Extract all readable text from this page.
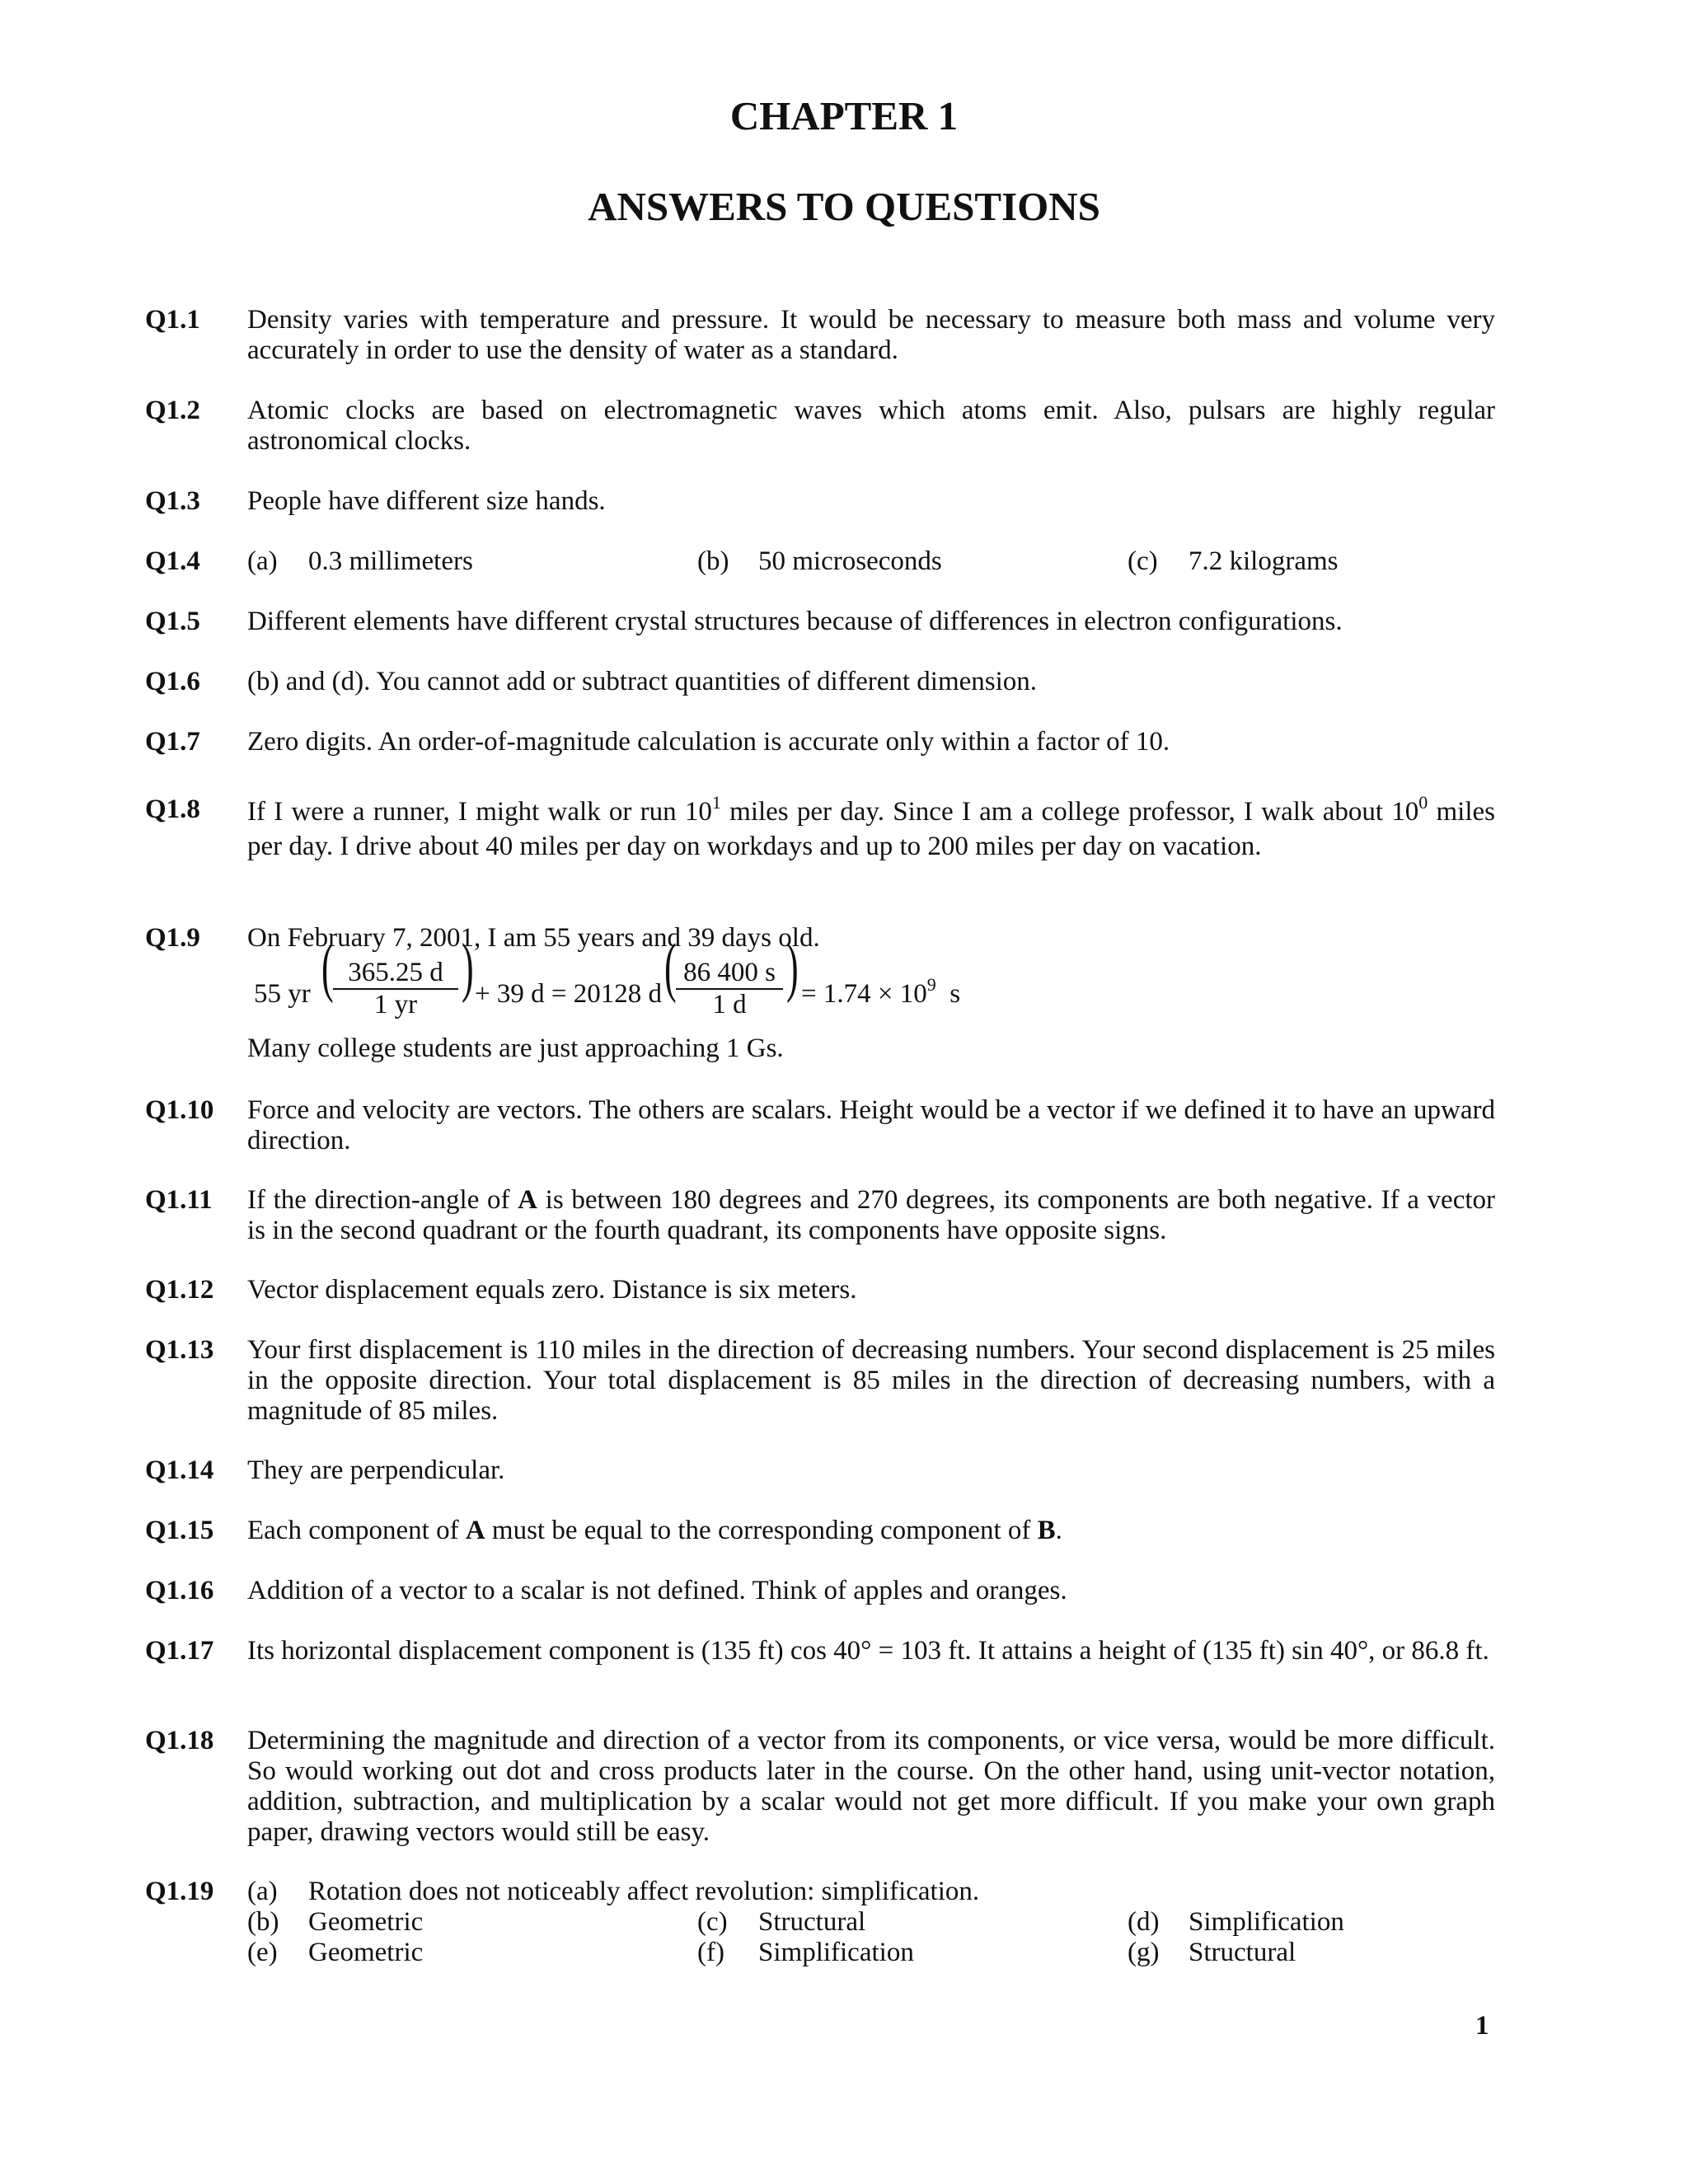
CHAPTER 1
ANSWERS TO QUESTIONS
Q1.1 Density varies with temperature and pressure. It would be necessary to measure both mass and volume very accurately in order to use the density of water as a standard.
Q1.2 Atomic clocks are based on electromagnetic waves which atoms emit. Also, pulsars are highly regular astronomical clocks.
Q1.3 People have different size hands.
Q1.4 (a) 0.3 millimeters	(b) 50 microseconds	(c) 7.2 kilograms
Q1.5 Different elements have different crystal structures because of differences in electron configurations.
Q1.6 (b) and (d). You cannot add or subtract quantities of different dimension.
Q1.7 Zero digits. An order-of-magnitude calculation is accurate only within a factor of 10.
Q1.8 If I were a runner, I might walk or run $10^1$ miles per day. Since I am a college professor, I walk about $10^0$ miles per day. I drive about 40 miles per day on workdays and up to 200 miles per day on vacation.
Q1.9 On February 7, 2001, I am 55 years and 39 days old.
55 yr ( $\frac{365.25 d}{1 yr}$ ) + 39 d = 20128 d ( $\frac{86 400 s}{1 d}$ ) = $1.74 \times 10^9$ s
Many college students are just approaching 1 Gs.
Q1.10 Force and velocity are vectors. The others are scalars. Height would be a vector if we defined it to have an upward direction.
Q1.11 If the direction-angle of A is between 180 degrees and 270 degrees, its components are both negative. If a vector is in the second quadrant or the fourth quadrant, its components have opposite signs.
Q1.12 Vector displacement equals zero. Distance is six meters.
Q1.13 Your first displacement is 110 miles in the direction of decreasing numbers. Your second displacement is 25 miles in the opposite direction. Your total displacement is 85 miles in the direction of decreasing numbers, with a magnitude of 85 miles.
Q1.14 They are perpendicular.
Q1.15 Each component of A must be equal to the corresponding component of B.
Q1.16 Addition of a vector to a scalar is not defined. Think of apples and oranges.
Q1.17 Its horizontal displacement component is (135 ft) cos 40° = 103 ft. It attains a height of (135 ft) sin 40°, or 86.8 ft.
Q1.18 Determining the magnitude and direction of a vector from its components, or vice versa, would be more difficult. So would working out dot and cross products later in the course. On the other hand, using unit-vector notation, addition, subtraction, and multiplication by a scalar would not get more difficult. If you make your own graph paper, drawing vectors would still be easy.
Q1.19 (a) Rotation does not noticeably affect revolution: simplification.
(b) Geometric	(c) Structural	(d) Simplification
(e) Geometric	(f) Simplification	(g) Structural
1
